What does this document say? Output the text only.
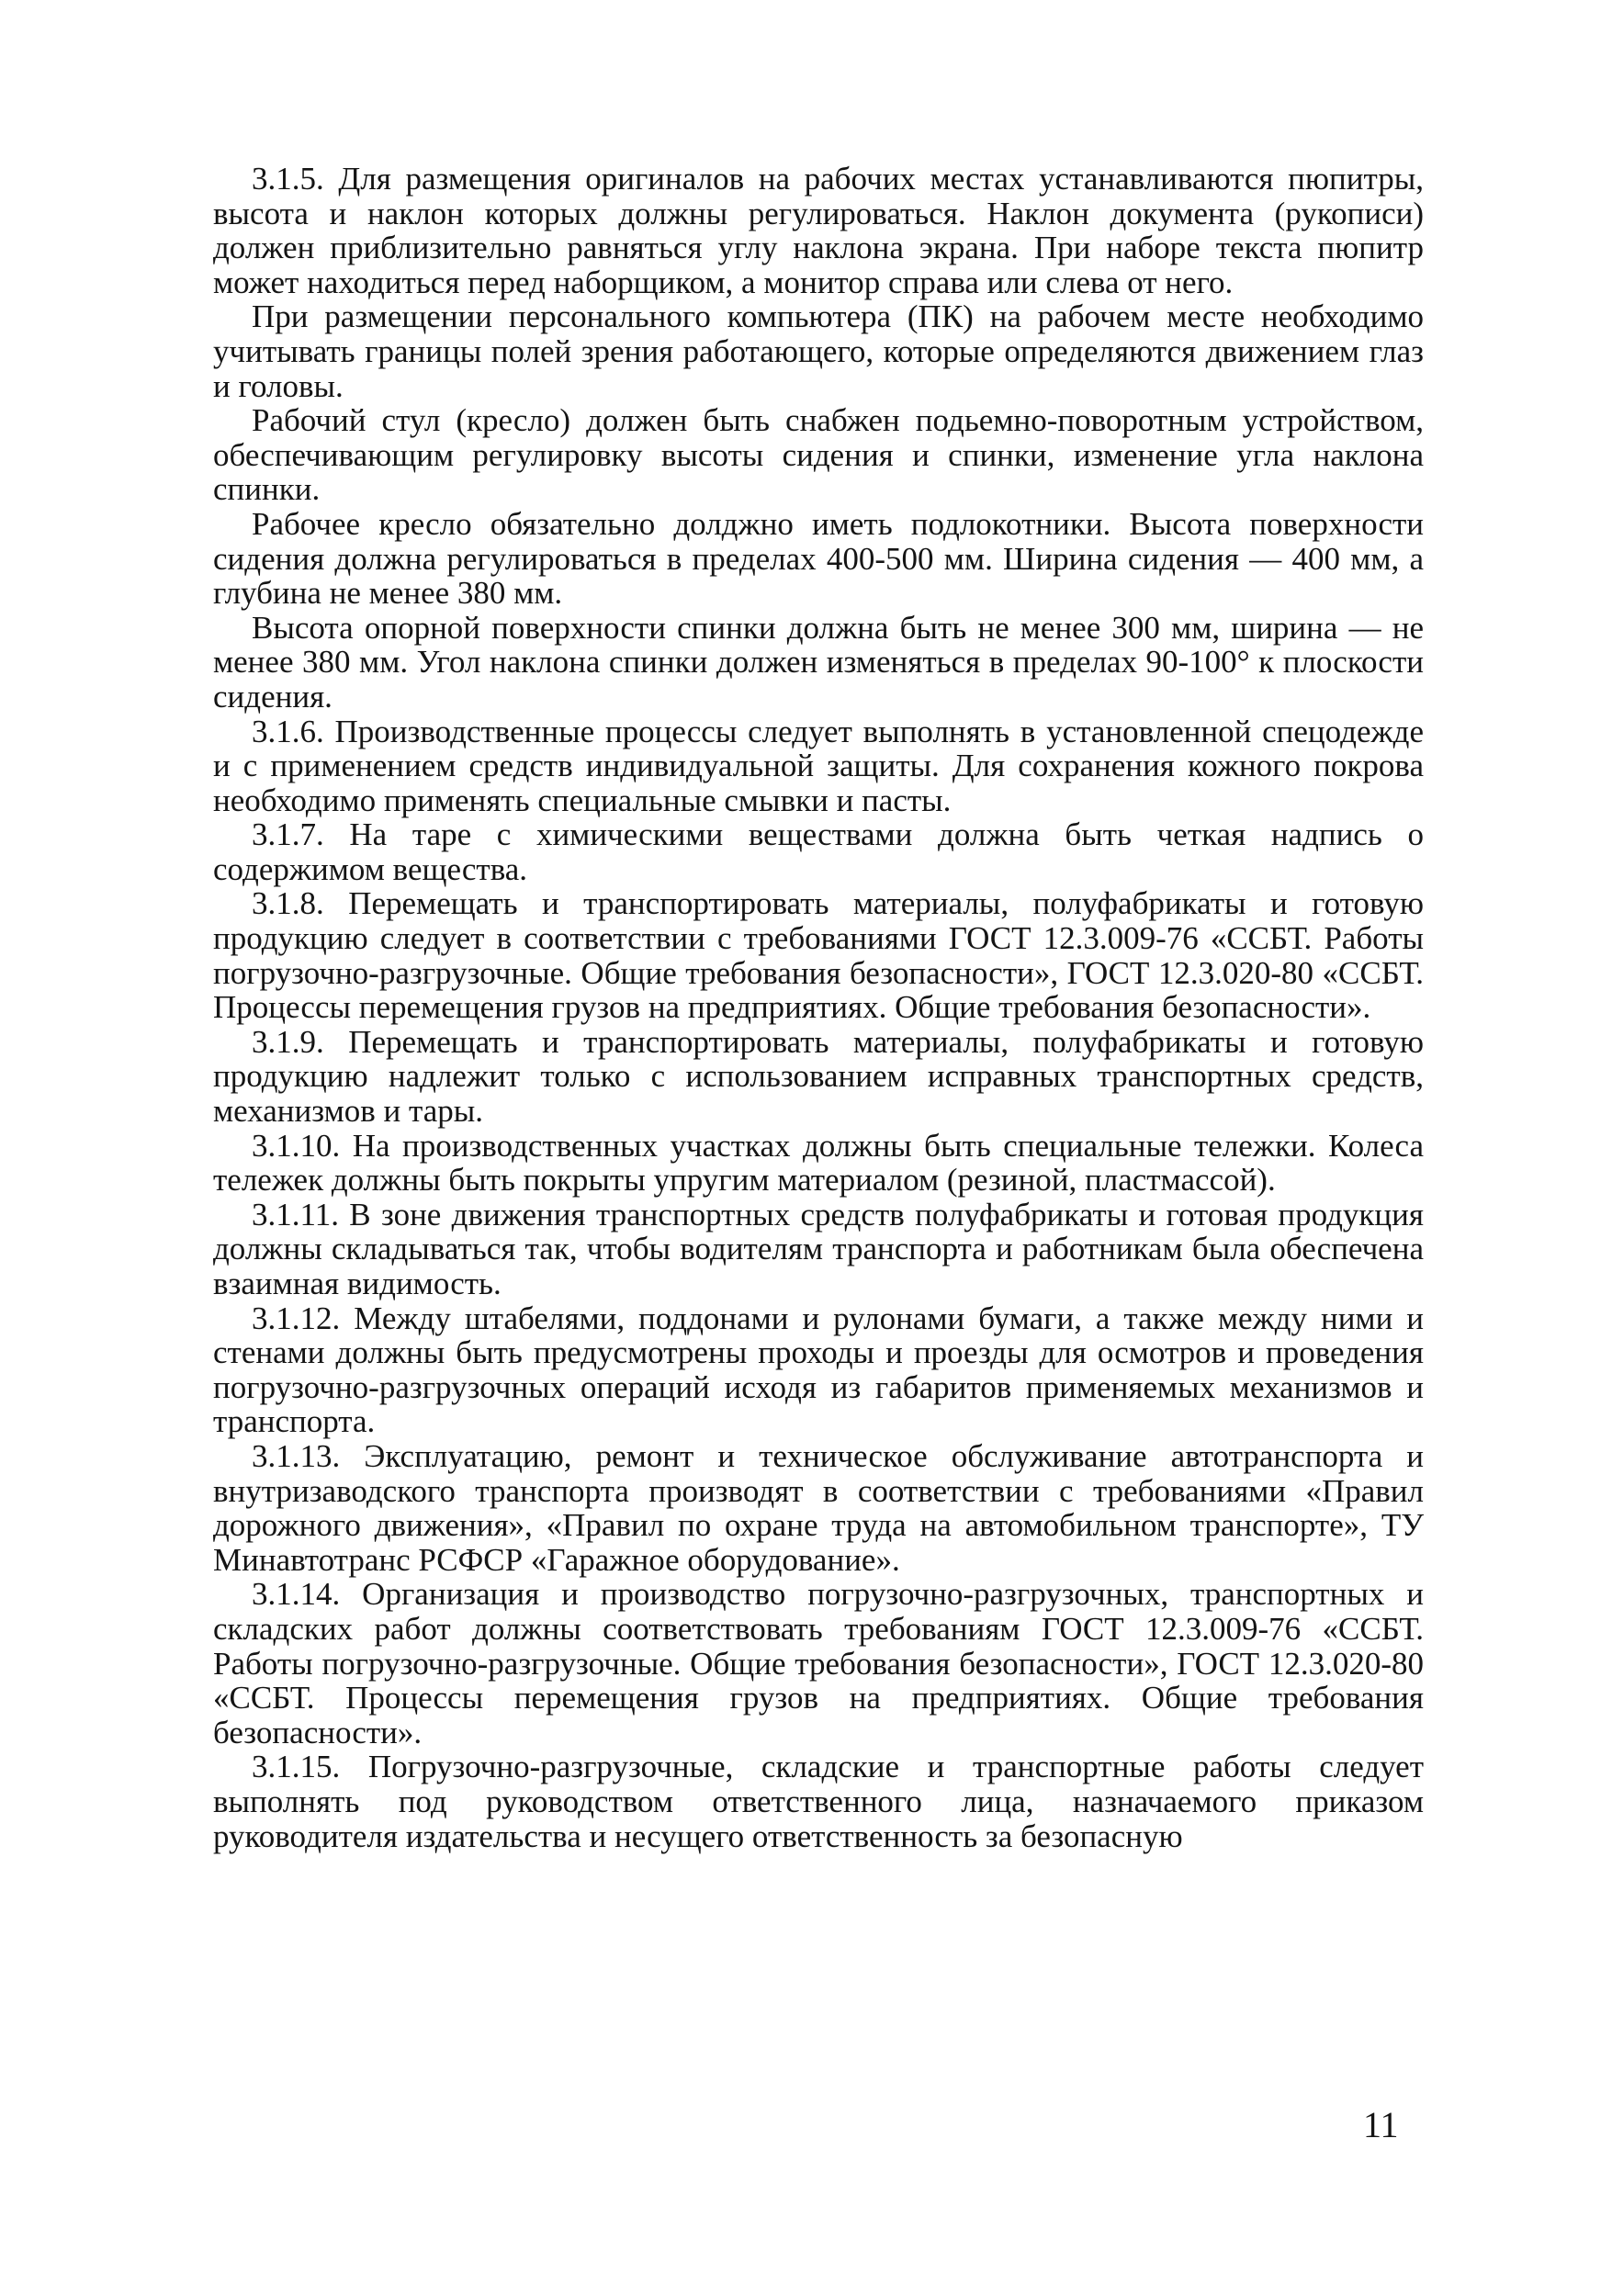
3.1.5. Для размещения оригиналов на рабочих местах устанавливаются пюпитры, высота и наклон которых должны регулироваться. Наклон документа (рукописи) должен приблизительно равняться углу наклона экрана. При наборе текста пюпитр может находиться перед наборщиком, а монитор справа или слева от него.

При размещении персонального компьютера (ПК) на рабочем месте необходимо учитывать границы полей зрения работающего, которые определяются движением глаз и головы.

Рабочий стул (кресло) должен быть снабжен подьемно-поворотным устройством, обеспечивающим регулировку высоты сидения и спинки, изменение угла наклона спинки.

Рабочее кресло обязательно долджно иметь подлокотники. Высота поверхности сидения должна регулироваться в пределах 400-500 мм. Ширина сидения — 400 мм, а глубина не менее 380 мм.

Высота опорной поверхности спинки должна быть не менее 300 мм, ширина — не менее 380 мм. Угол наклона спинки должен изменяться в пределах 90-100° к плоскости сидения.

3.1.6. Производственные процессы следует выполнять в установленной спецодежде и с применением средств индивидуальной защиты. Для сохранения кожного покрова необходимо применять специальные смывки и пасты.

3.1.7. На таре с химическими веществами должна быть четкая надпись о содержимом вещества.

3.1.8. Перемещать и транспортировать материалы, полуфабрикаты и готовую продукцию следует в соответствии с требованиями ГОСТ 12.3.009-76 «ССБТ. Работы погрузочно-разгрузочные. Общие требования безопасности», ГОСТ 12.3.020-80 «ССБТ. Процессы перемещения грузов на предприятиях. Общие требования безопасности».

3.1.9. Перемещать и транспортировать материалы, полуфабрикаты и готовую продукцию надлежит только с использованием исправных транспортных средств, механизмов и тары.

3.1.10. На производственных участках должны быть специальные тележки. Колеса тележек должны быть покрыты упругим материалом (резиной, пластмассой).

3.1.11. В зоне движения транспортных средств полуфабрикаты и готовая продукция должны складываться так, чтобы водителям транспорта и работникам была обеспечена взаимная видимость.

3.1.12. Между штабелями, поддонами и рулонами бумаги, а также между ними и стенами должны быть предусмотрены проходы и проезды для осмотров и проведения погрузочно-разгрузочных операций исходя из габаритов применяемых механизмов и транспорта.

3.1.13. Эксплуатацию, ремонт и техническое обслуживание автотранспорта и внутризаводского транспорта производят в соответствии с требованиями «Правил дорожного движения», «Правил по охране труда на автомобильном транспорте», ТУ Минавтотранс РСФСР «Гаражное оборудование».

3.1.14. Организация и производство погрузочно-разгрузочных, транспортных и складских работ должны соответствовать требованиям ГОСТ 12.3.009-76 «ССБТ. Работы погрузочно-разгрузочные. Общие требования безопасности», ГОСТ 12.3.020-80 «ССБТ. Процессы перемещения грузов на предприятиях. Общие требования безопасности».

3.1.15. Погрузочно-разгрузочные, складские и транспортные работы следует выполнять под руководством ответственного лица, назначаемого приказом руководителя издательства и несущего ответственность за безопасную

11
